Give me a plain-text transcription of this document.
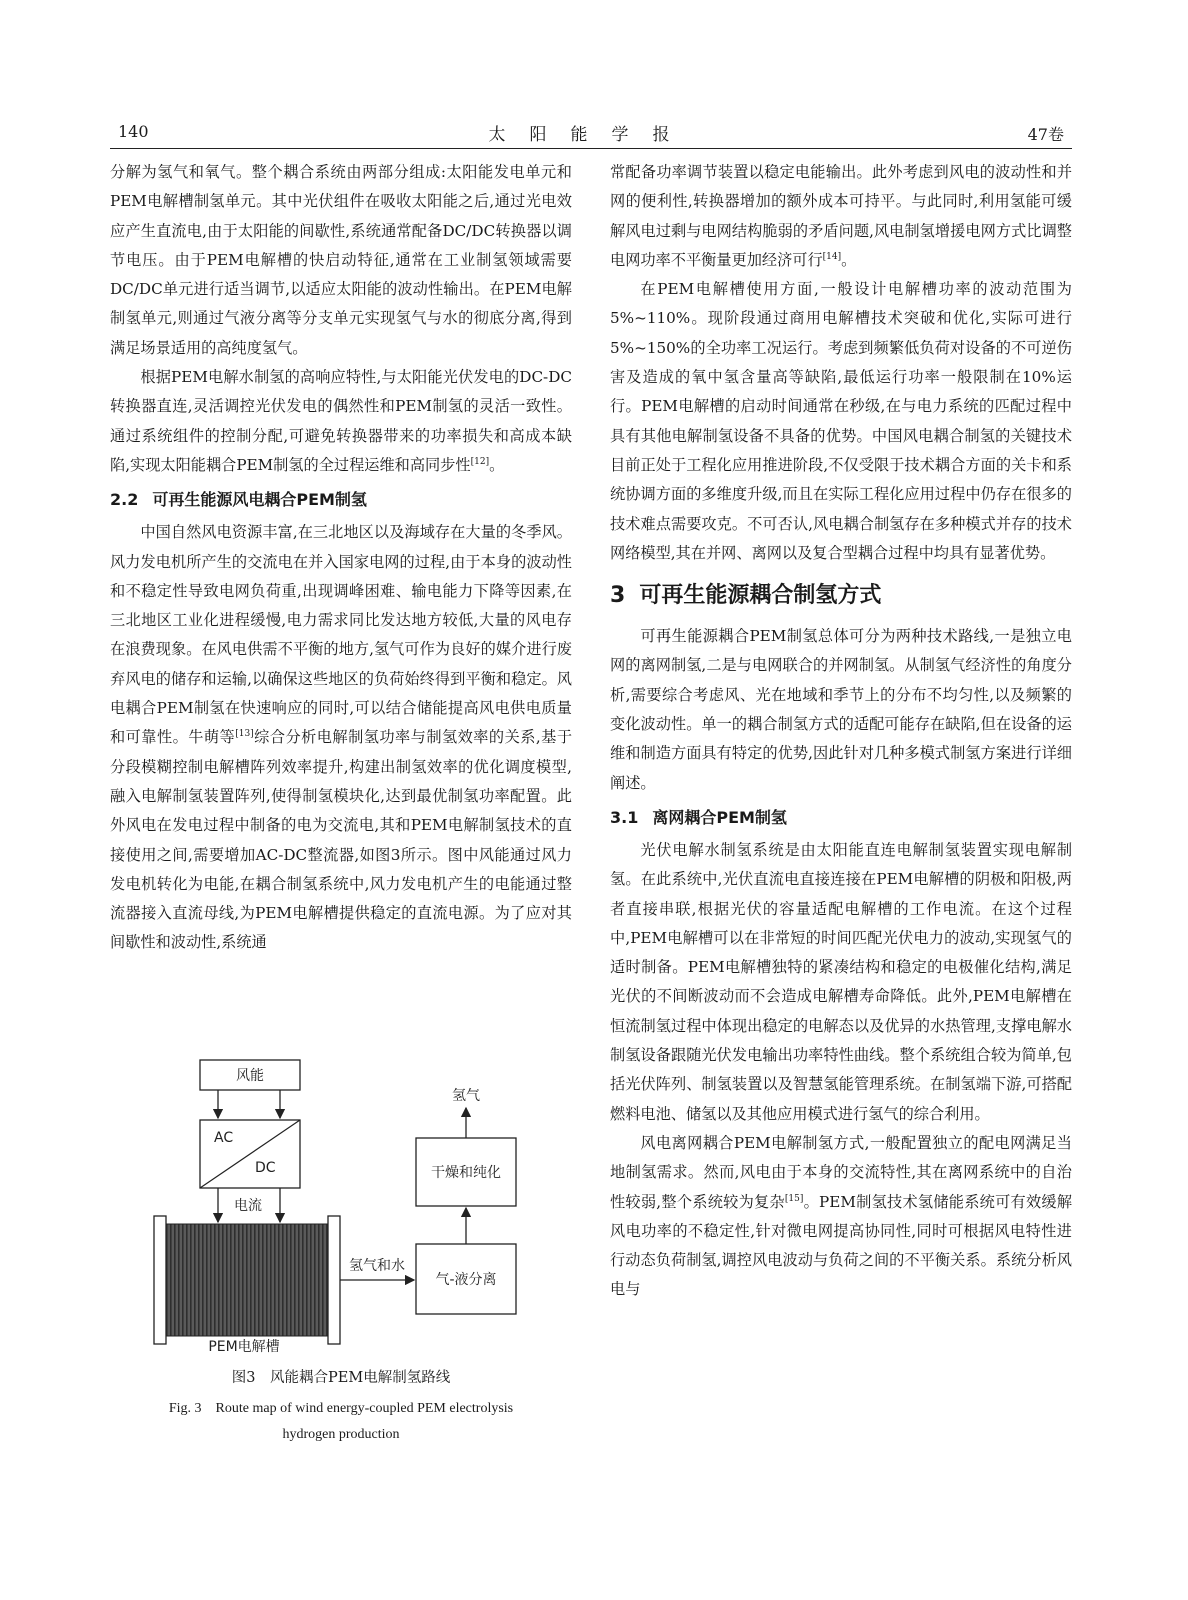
140	太阳能学报	47卷

分解为氢气和氧气。整个耦合系统由两部分组成:太阳能发电单元和PEM电解槽制氢单元。其中光伏组件在吸收太阳能之后,通过光电效应产生直流电,由于太阳能的间歇性,系统通常配备DC/DC转换器以调节电压。由于PEM电解槽的快启动特征,通常在工业制氢领域需要DC/DC单元进行适当调节,以适应太阳能的波动性输出。在PEM电解制氢单元,则通过气液分离等分支单元实现氢气与水的彻底分离,得到满足场景适用的高纯度氢气。

根据PEM电解水制氢的高响应特性,与太阳能光伏发电的DC-DC转换器直连,灵活调控光伏发电的偶然性和PEM制氢的灵活一致性。通过系统组件的控制分配,可避免转换器带来的功率损失和高成本缺陷,实现太阳能耦合PEM制氢的全过程运维和高同步性[12]。

2.2 可再生能源风电耦合PEM制氢

中国自然风电资源丰富,在三北地区以及海域存在大量的冬季风。风力发电机所产生的交流电在并入国家电网的过程,由于本身的波动性和不稳定性导致电网负荷重,出现调峰困难、输电能力下降等因素,在三北地区工业化进程缓慢,电力需求同比发达地方较低,大量的风电存在浪费现象。在风电供需不平衡的地方,氢气可作为良好的媒介进行废弃风电的储存和运输,以确保这些地区的负荷始终得到平衡和稳定。风电耦合PEM制氢在快速响应的同时,可以结合储能提高风电供电质量和可靠性。牛萌等[13]综合分析电解制氢功率与制氢效率的关系,基于分段模糊控制电解槽阵列效率提升,构建出制氢效率的优化调度模型,融入电解制氢装置阵列,使得制氢模块化,达到最优制氢功率配置。此外风电在发电过程中制备的电为交流电,其和PEM电解制氢技术的直接使用之间,需要增加AC-DC整流器,如图3所示。图中风能通过风力发电机转化为电能,在耦合制氢系统中,风力发电机产生的电能通过整流器接入直流母线,为PEM电解槽提供稳定的直流电源。为了应对其间歇性和波动性,系统通

风能
AC
DC
电流
PEM电解槽
氢气和水
气-液分离
干燥和纯化
氢气
图3　风能耦合PEM电解制氢路线
Fig. 3　Route map of wind energy-coupled PEM electrolysis
hydrogen production

常配备功率调节装置以稳定电能输出。此外考虑到风电的波动性和并网的便利性,转换器增加的额外成本可持平。与此同时,利用氢能可缓解风电过剩与电网结构脆弱的矛盾问题,风电制氢增援电网方式比调整电网功率不平衡量更加经济可行[14]。

在PEM电解槽使用方面,一般设计电解槽功率的波动范围为5%~110%。现阶段通过商用电解槽技术突破和优化,实际可进行5%~150%的全功率工况运行。考虑到频繁低负荷对设备的不可逆伤害及造成的氧中氢含量高等缺陷,最低运行功率一般限制在10%运行。PEM电解槽的启动时间通常在秒级,在与电力系统的匹配过程中具有其他电解制氢设备不具备的优势。中国风电耦合制氢的关键技术目前正处于工程化应用推进阶段,不仅受限于技术耦合方面的关卡和系统协调方面的多维度升级,而且在实际工程化应用过程中仍存在很多的技术难点需要攻克。不可否认,风电耦合制氢存在多种模式并存的技术网络模型,其在并网、离网以及复合型耦合过程中均具有显著优势。

3 可再生能源耦合制氢方式

可再生能源耦合PEM制氢总体可分为两种技术路线,一是独立电网的离网制氢,二是与电网联合的并网制氢。从制氢气经济性的角度分析,需要综合考虑风、光在地域和季节上的分布不均匀性,以及频繁的变化波动性。单一的耦合制氢方式的适配可能存在缺陷,但在设备的运维和制造方面具有特定的优势,因此针对几种多模式制氢方案进行详细阐述。

3.1 离网耦合PEM制氢

光伏电解水制氢系统是由太阳能直连电解制氢装置实现电解制氢。在此系统中,光伏直流电直接连接在PEM电解槽的阴极和阳极,两者直接串联,根据光伏的容量适配电解槽的工作电流。在这个过程中,PEM电解槽可以在非常短的时间匹配光伏电力的波动,实现氢气的适时制备。PEM电解槽独特的紧凑结构和稳定的电极催化结构,满足光伏的不间断波动而不会造成电解槽寿命降低。此外,PEM电解槽在恒流制氢过程中体现出稳定的电解态以及优异的水热管理,支撑电解水制氢设备跟随光伏发电输出功率特性曲线。整个系统组合较为简单,包括光伏阵列、制氢装置以及智慧氢能管理系统。在制氢端下游,可搭配燃料电池、储氢以及其他应用模式进行氢气的综合利用。

风电离网耦合PEM电解制氢方式,一般配置独立的配电网满足当地制氢需求。然而,风电由于本身的交流特性,其在离网系统中的自治性较弱,整个系统较为复杂[15]。PEM制氢技术氢储能系统可有效缓解风电功率的不稳定性,针对微电网提高协同性,同时可根据风电特性进行动态负荷制氢,调控风电波动与负荷之间的不平衡关系。系统分析风电与
